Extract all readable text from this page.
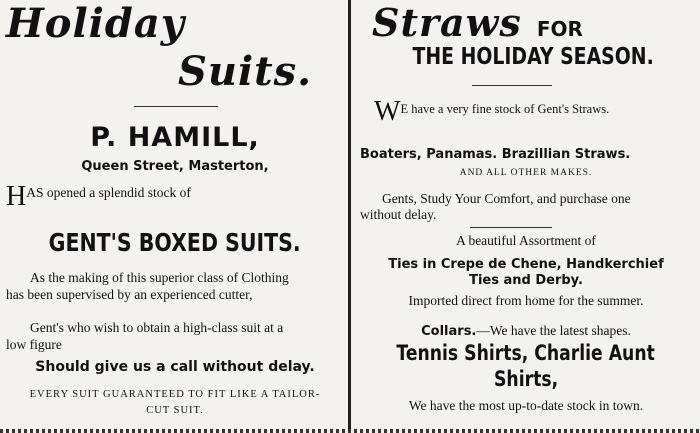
Holiday
Suits.
P. HAMILL,
Queen Street, Masterton,
$H^{AS opened a splendid stock of}$
GENT'S BOXED SUITS.
As the making of this superior class of Clothing
has been supervised by an experienced cutter,
Gent's who wish to obtain a high-class suit at a
low figure
Should give us a call without delay.
EVERY SUIT GUARANTEED TO FIT LIKE A TAILOR-
CUT SUIT.
Straws FOR
THE HOLIDAY SEASON.
$W^{E have a very fine stock of Gent's Straws.}$
Boaters, Panamas. Brazillian Straws.
AND ALL OTHER MAKES.
Gents, Study Your Comfort, and purchase one
without delay.
A beautiful Assortment of
Ties in Crepe de Chene, Handkerchief
Ties and Derby.
Imported direct from home for the summer.
Collars.—We have the latest shapes.
Tennis Shirts, Charlie Aunt
Shirts,
We have the most up-to-date stock in town.
